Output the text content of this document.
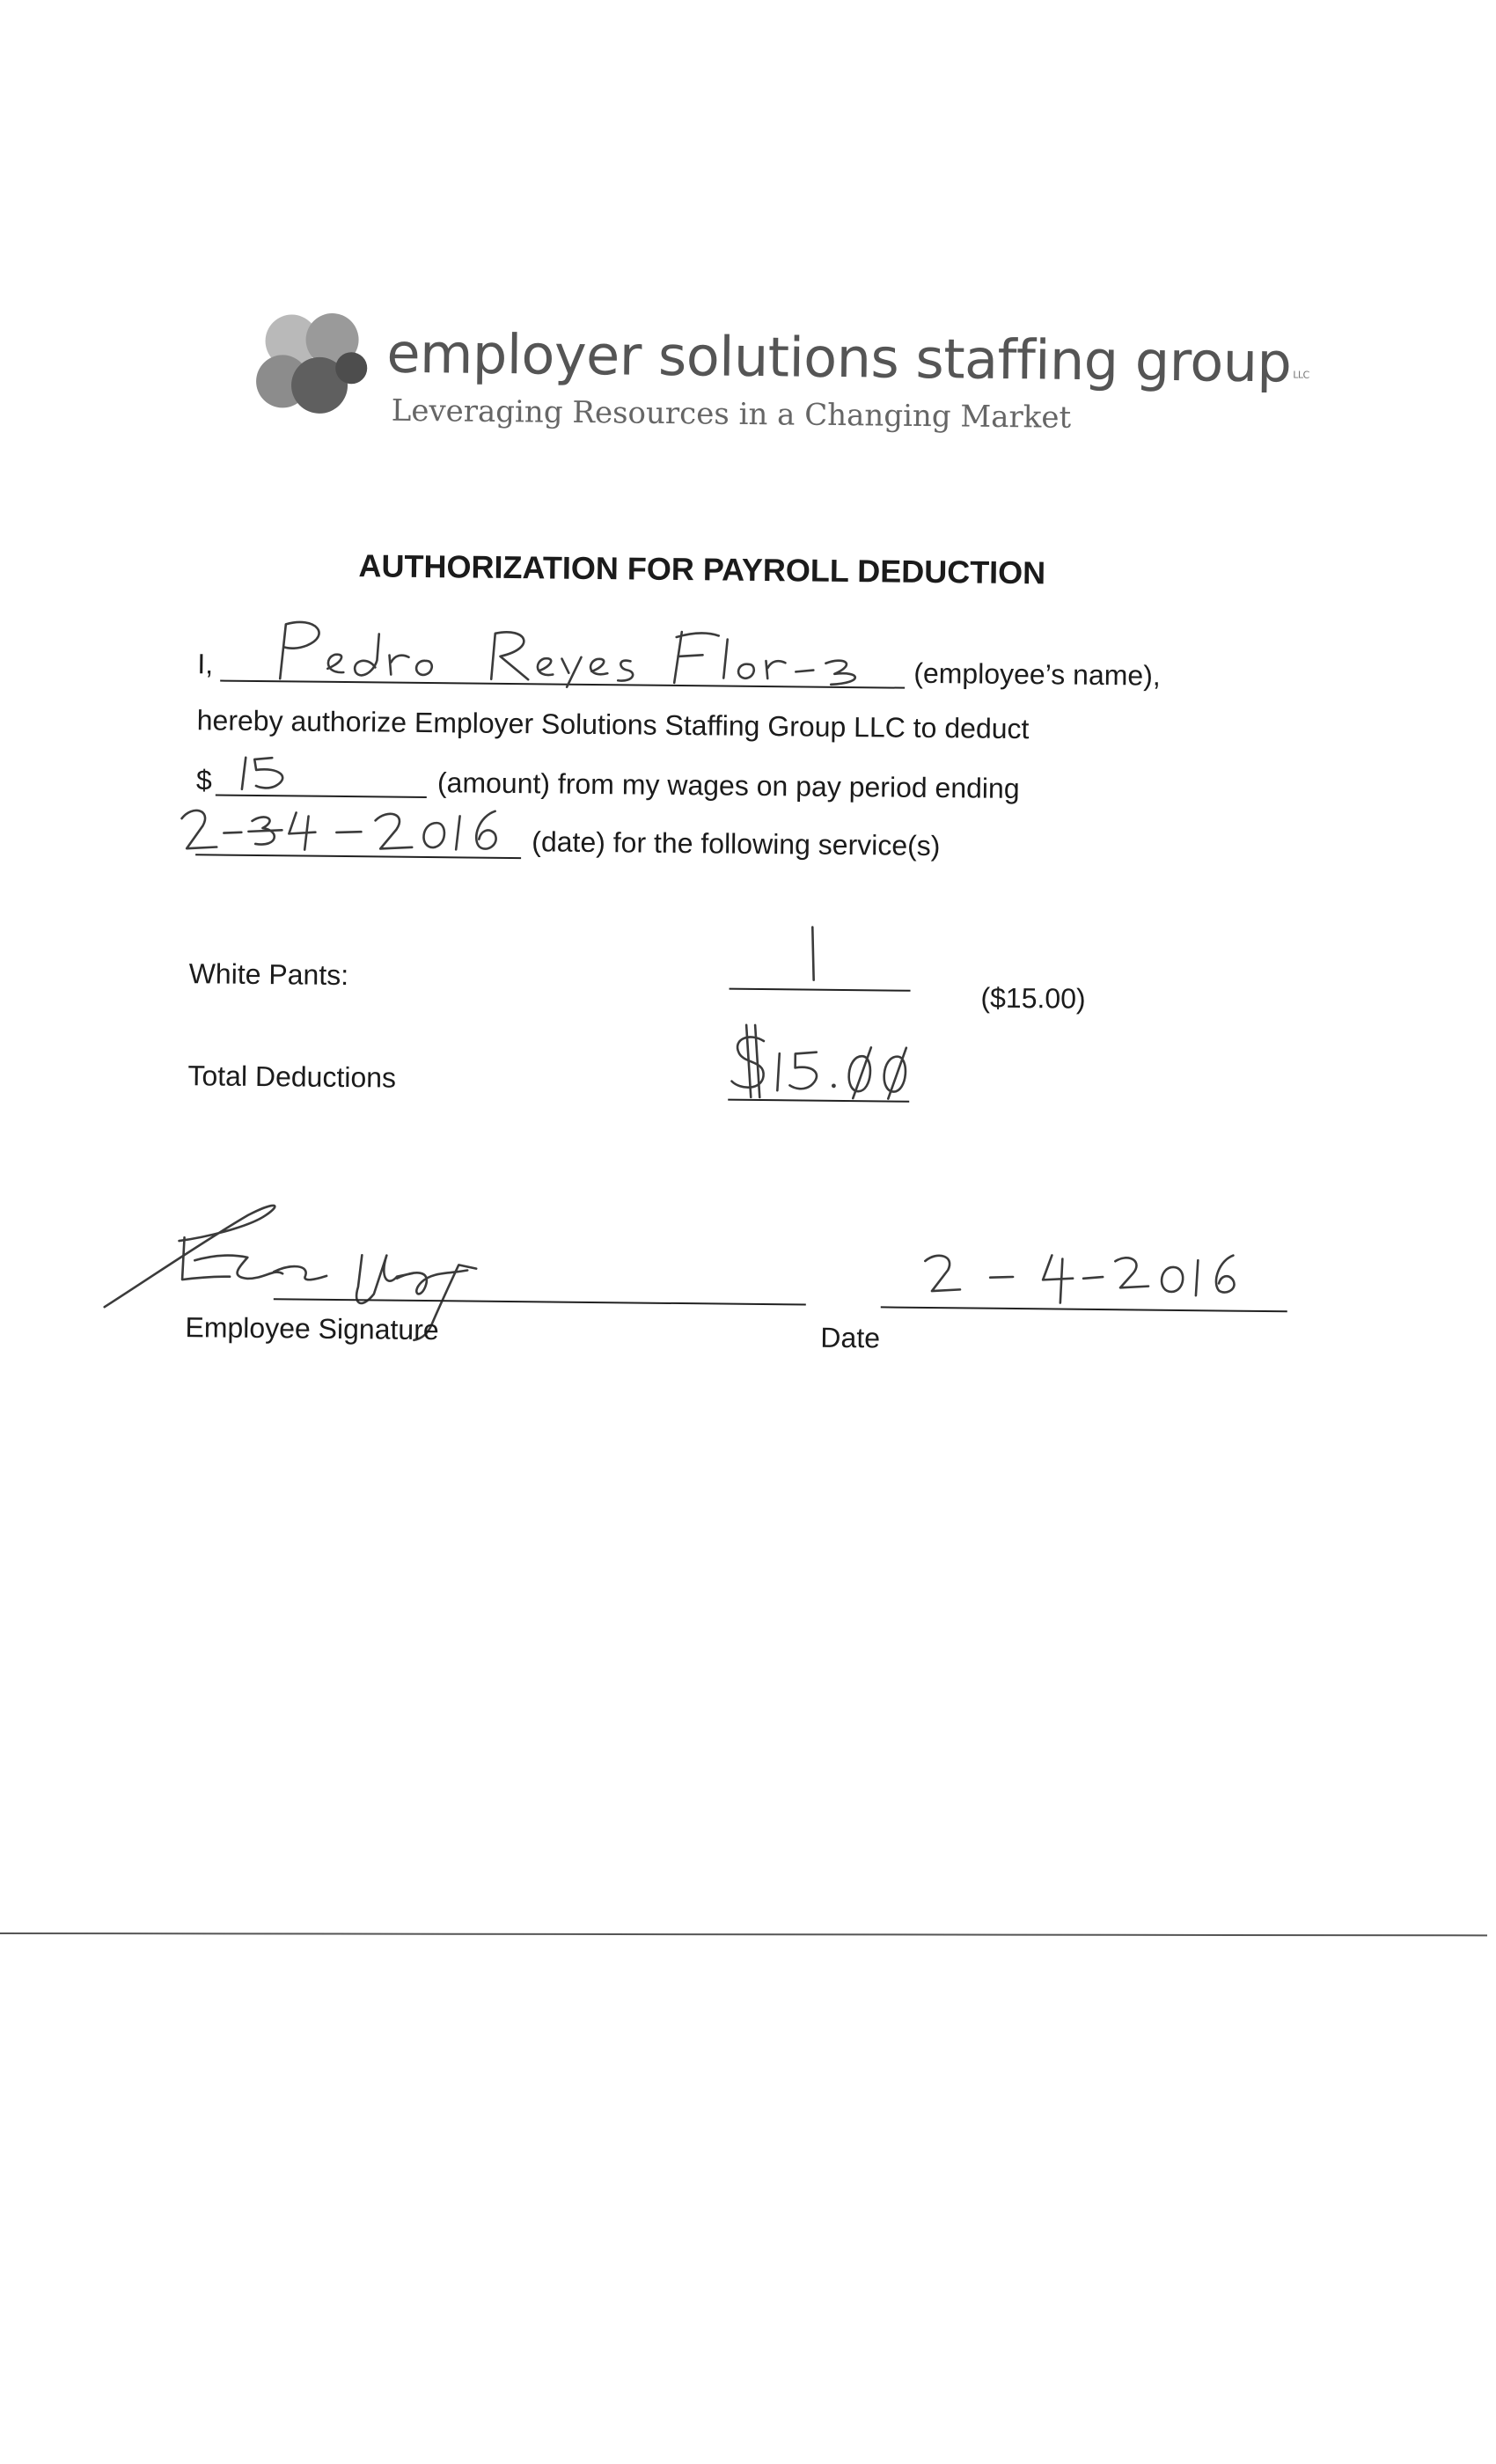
employer solutions staffing group$^{LLC}$
Leveraging Resources in a Changing Market
AUTHORIZATION FOR PAYROLL DEDUCTION
I,	(employee’s name),
hereby authorize Employer Solutions Staffing Group LLC to deduct
$	(amount) from my wages on pay period ending
(date) for the following service(s)
White Pants:
($15.00)
Total Deductions
Employee Signature	Date
